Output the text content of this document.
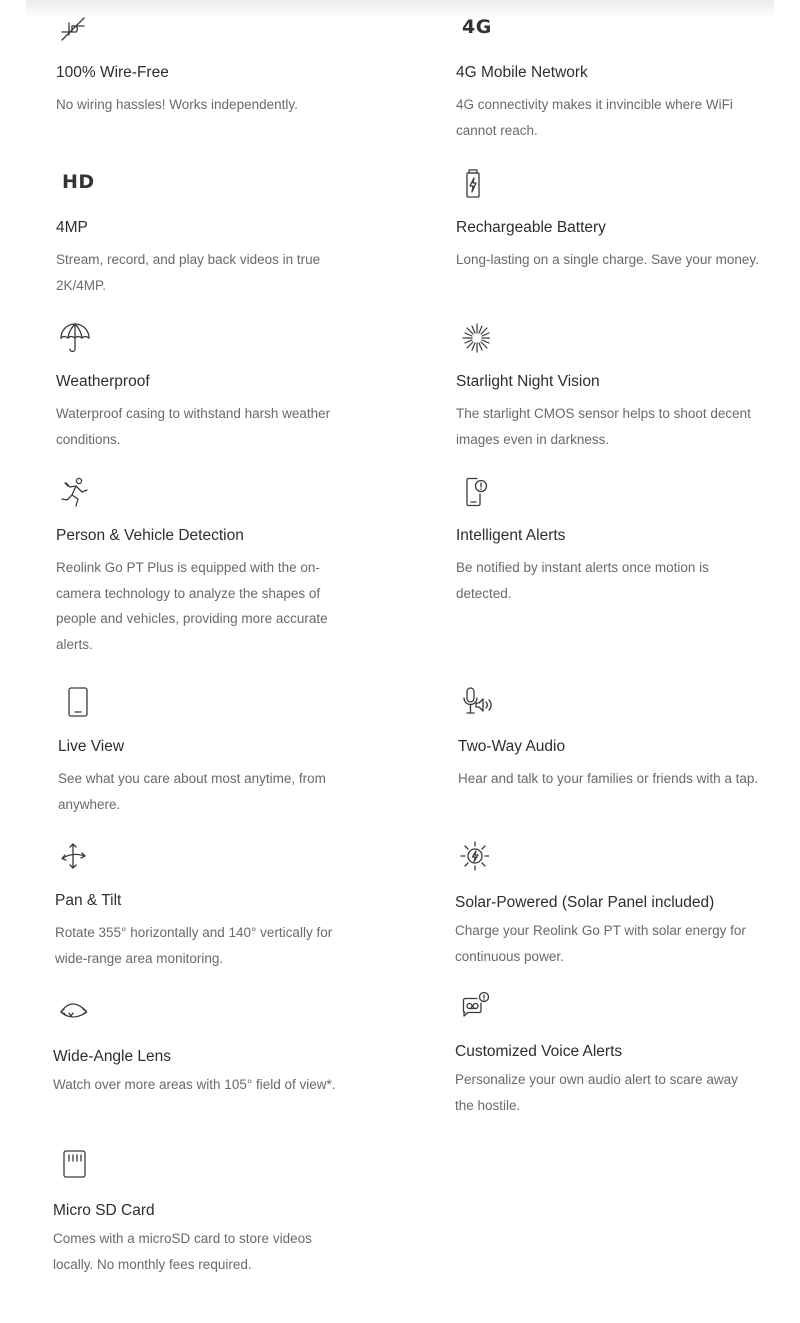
100% Wire-Free
No wiring hassles! Works independently.
4G
4G Mobile Network
4G connectivity makes it invincible where WiFi cannot reach.
HD
4MP
Stream, record, and play back videos in true 2K/4MP.
Rechargeable Battery
Long-lasting on a single charge. Save your money.
Weatherproof
Waterproof casing to withstand harsh weather conditions.
Starlight Night Vision
The starlight CMOS sensor helps to shoot decent images even in darkness.
Person & Vehicle Detection
Reolink Go PT Plus is equipped with the on-camera technology to analyze the shapes of people and vehicles, providing more accurate alerts.
Intelligent Alerts
Be notified by instant alerts once motion is detected.
Live View
See what you care about most anytime, from anywhere.
Two-Way Audio
Hear and talk to your families or friends with a tap.
Pan & Tilt
Rotate 355° horizontally and 140° vertically for wide-range area monitoring.
Solar-Powered (Solar Panel included)
Charge your Reolink Go PT with solar energy for continuous power.
Wide-Angle Lens
Watch over more areas with 105° field of view*.
Customized Voice Alerts
Personalize your own audio alert to scare away the hostile.
Micro SD Card
Comes with a microSD card to store videos locally. No monthly fees required.
